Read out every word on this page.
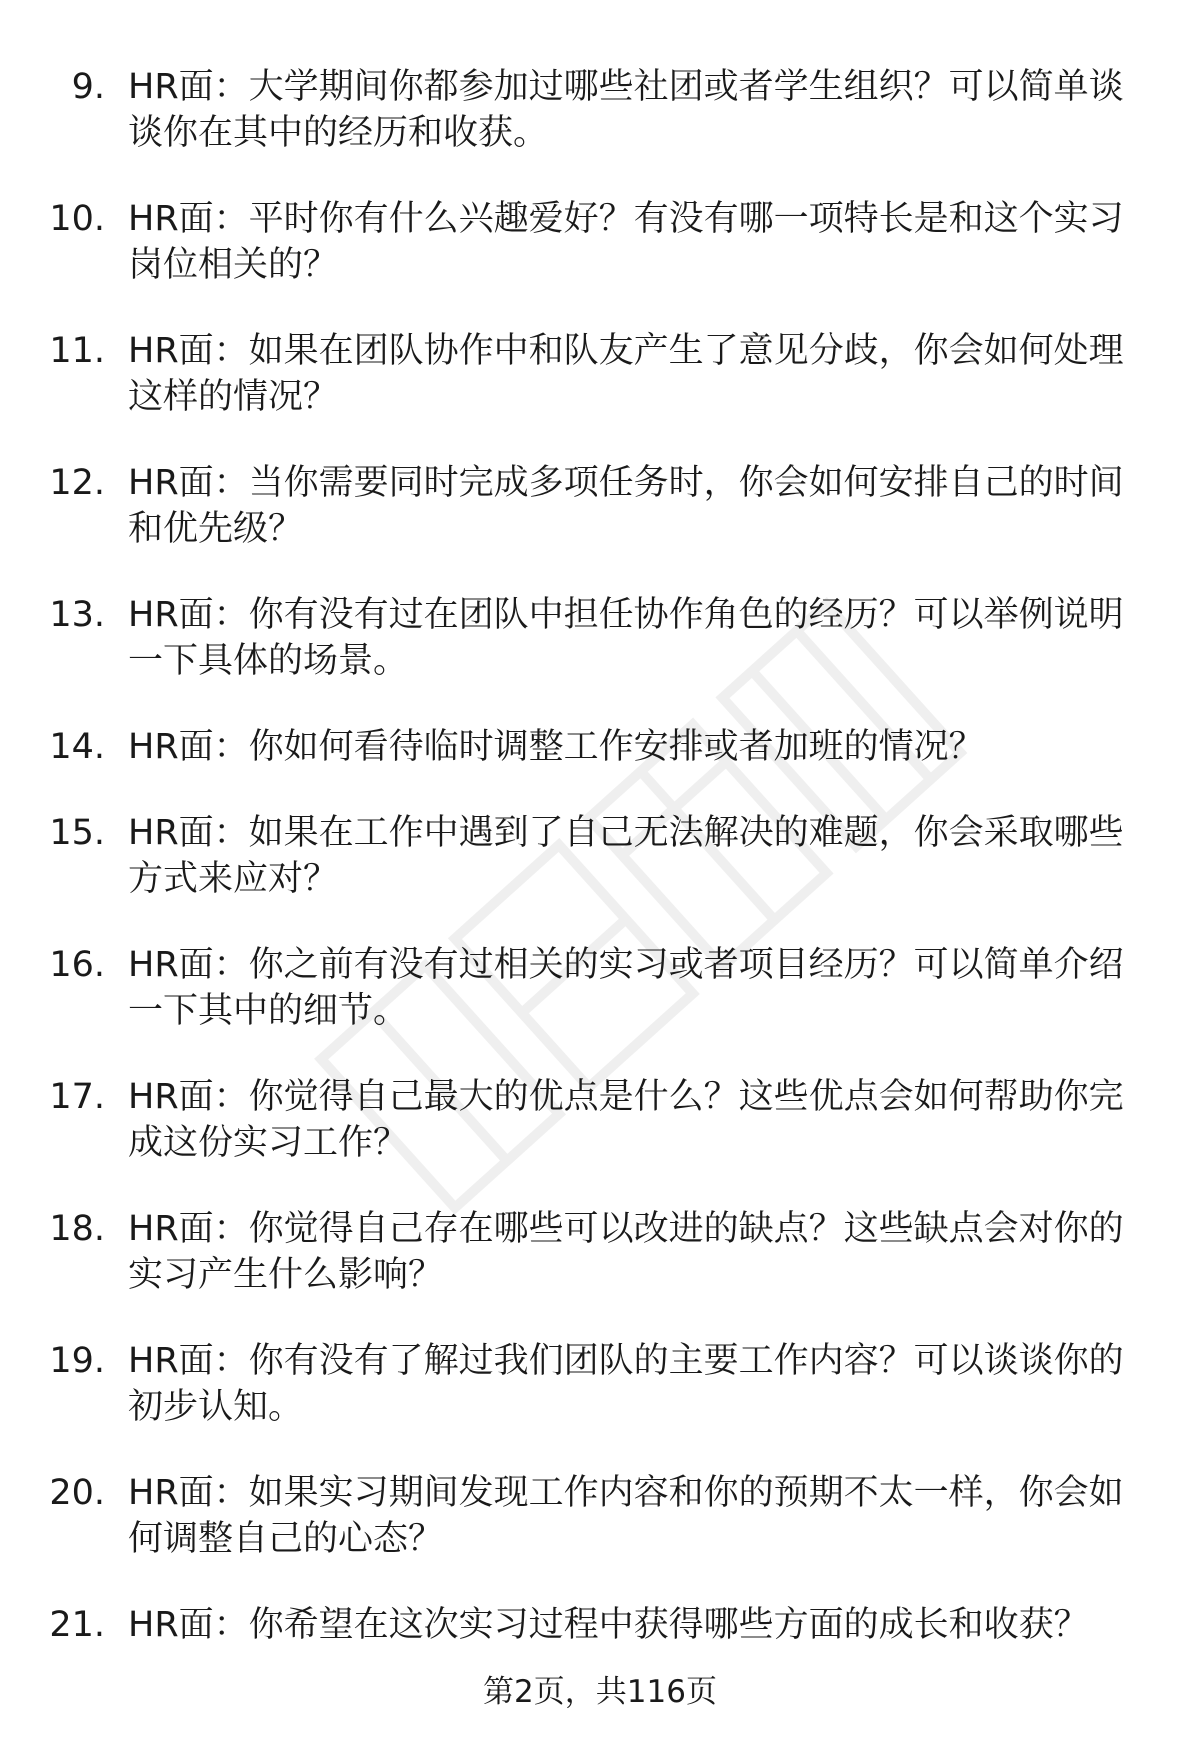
9. HR面：大学期间你都参加过哪些社团或者学生组织？可以简单谈谈你在其中的经历和收获。
10. HR面：平时你有什么兴趣爱好？有没有哪一项特长是和这个实习岗位相关的？
11. HR面：如果在团队协作中和队友产生了意见分歧，你会如何处理这样的情况？
12. HR面：当你需要同时完成多项任务时，你会如何安排自己的时间和优先级？
13. HR面：你有没有过在团队中担任协作角色的经历？可以举例说明一下具体的场景。
14. HR面：你如何看待临时调整工作安排或者加班的情况？
15. HR面：如果在工作中遇到了自己无法解决的难题，你会采取哪些方式来应对？
16. HR面：你之前有没有过相关的实习或者项目经历？可以简单介绍一下其中的细节。
17. HR面：你觉得自己最大的优点是什么？这些优点会如何帮助你完成这份实习工作？
18. HR面：你觉得自己存在哪些可以改进的缺点？这些缺点会对你的实习产生什么影响？
19. HR面：你有没有了解过我们团队的主要工作内容？可以谈谈你的初步认知。
20. HR面：如果实习期间发现工作内容和你的预期不太一样，你会如何调整自己的心态？
21. HR面：你希望在这次实习过程中获得哪些方面的成长和收获？
第2页，共116页
